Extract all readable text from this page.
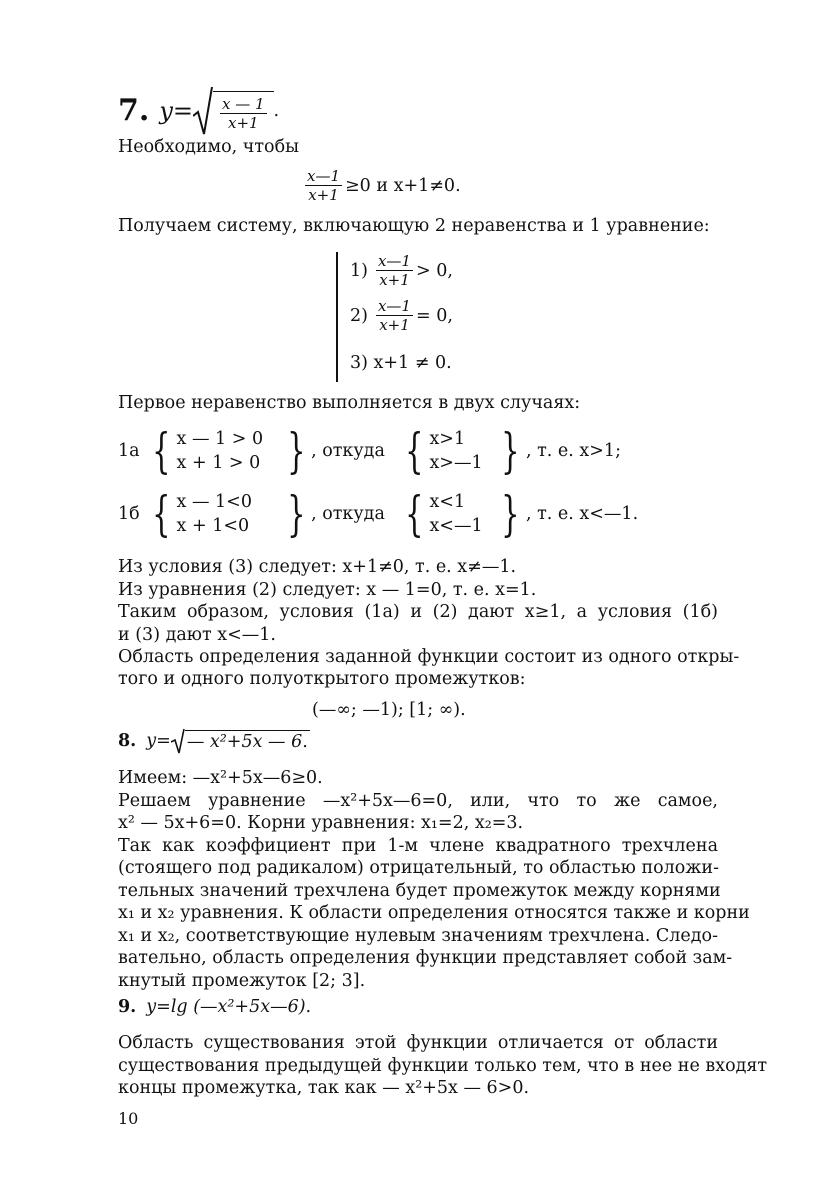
7. $y= \frac{x — 1}{x+1}$ .
Необходимо, чтобы
$\frac{x—1}{x+1} \ge 0$ и x+1≠0.
Получаем систему, включающую 2 неравенства и 1 уравнение:
$1) \frac{x—1}{x+1} > 0$,
$2) \frac{x—1}{x+1} = 0$,
3) x+1 ≠ 0.
Первое неравенство выполняется в двух случаях:
1а { x — 1 > 0
x + 1 > 0 } , откуда { x>1
x>—1 } , т. е. x>1;
1б { x — 1<0
x + 1<0 } , откуда { x<1
x<—1 } , т. е. x<—1.
Из условия (3) следует: x+1≠0, т. е. x≠—1.
Из уравнения (2) следует: x — 1=0, т. е. x=1.
Таким образом, условия (1а) и (2) дают x≥1, а условия (1б)
и (3) дают x<—1.
Область определения заданной функции состоит из одного откры-
того и одного полуоткрытого промежутков:
(—∞; —1); [1; ∞).
8. y= — x²+5x — 6.
Имеем: —x²+5x—6≥0.
Решаем уравнение —x²+5x—6=0, или, что то же самое,
x² — 5x+6=0. Корни уравнения: x₁=2, x₂=3.
Так как коэффициент при 1-м члене квадратного трехчлена
(стоящего под радикалом) отрицательный, то областью положи-
тельных значений трехчлена будет промежуток между корнями
x₁ и x₂ уравнения. К области определения относятся также и корни
x₁ и x₂, соответствующие нулевым значениям трехчлена. Следо-
вательно, область определения функции представляет собой зам-
кнутый промежуток [2; 3].
9. y=lg (—x²+5x—6).
Область существования этой функции отличается от области
существования предыдущей функции только тем, что в нее не входят
концы промежутка, так как — x²+5x — 6>0.
10
